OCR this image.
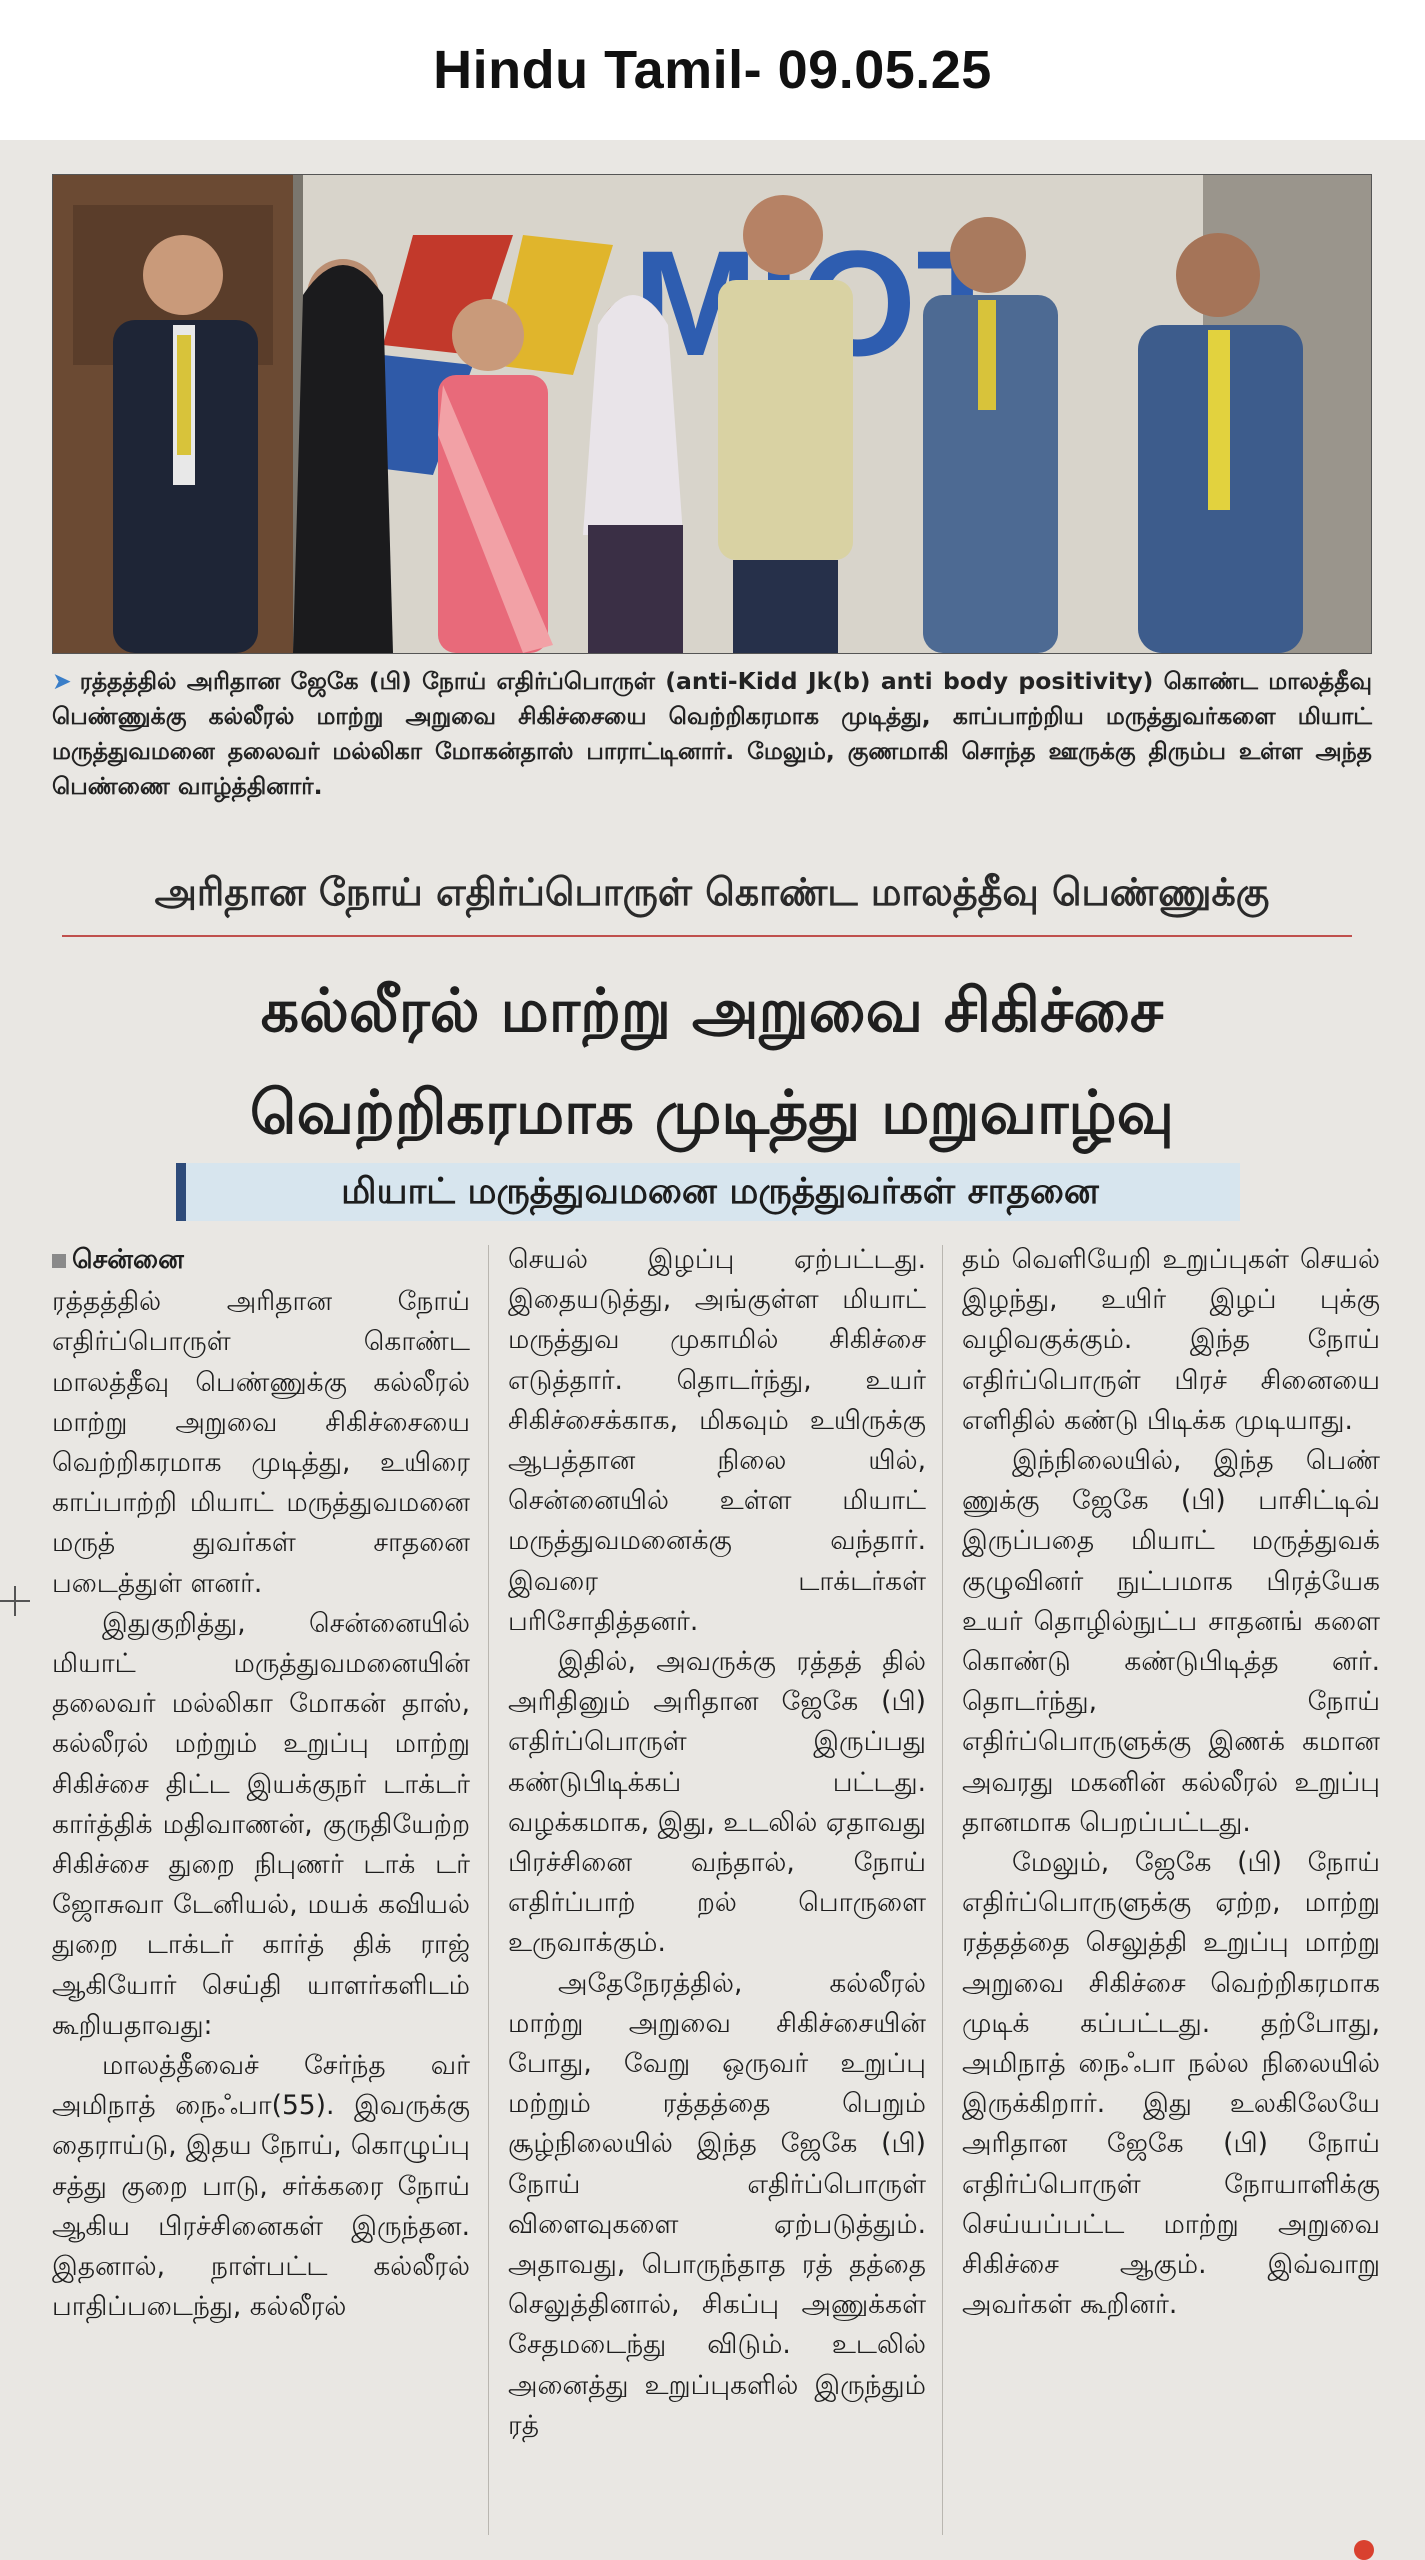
Hindu Tamil- 09.05.25
➤ ரத்தத்தில் அரிதான ஜேகே (பி) நோய் எதிர்ப்பொருள் (anti-Kidd Jk(b) anti body positivity) கொண்ட மாலத்தீவு பெண்ணுக்கு கல்லீரல் மாற்று அறுவை சிகிச்சையை வெற்றிகரமாக முடித்து, காப்பாற்றிய மருத்துவர்களை மியாட் மருத்துவமனை தலைவர் மல்லிகா மோகன்தாஸ் பாராட்டினார். மேலும், குணமாகி சொந்த ஊருக்கு திரும்ப உள்ள அந்த பெண்ணை வாழ்த்தினார்.
அரிதான நோய் எதிர்ப்பொருள் கொண்ட மாலத்தீவு பெண்ணுக்கு
கல்லீரல் மாற்று அறுவை சிகிச்சை
வெற்றிகரமாக முடித்து மறுவாழ்வு
மியாட் மருத்துவமனை மருத்துவர்கள் சாதனை
சென்னை

ரத்தத்தில் அரிதான நோய் எதிர்ப்பொருள் கொண்ட மாலத்தீவு பெண்ணுக்கு கல்லீரல் மாற்று அறுவை சிகிச்சையை வெற்றிகரமாக முடித்து, உயிரை காப்பாற்றி மியாட் மருத்துவமனை மருத் துவர்கள் சாதனை படைத்துள் ளனர்.

இதுகுறித்து, சென்னையில் மியாட் மருத்துவமனையின் தலைவர் மல்லிகா மோகன் தாஸ், கல்லீரல் மற்றும் உறுப்பு மாற்று சிகிச்சை திட்ட இயக்குநர் டாக்டர் கார்த்திக் மதிவாணன், குருதியேற்ற சிகிச்சை துறை நிபுணர் டாக் டர் ஜோசுவா டேனியல், மயக் கவியல் துறை டாக்டர் கார்த் திக் ராஜ் ஆகியோர் செய்தி யாளர்களிடம் கூறியதாவது:

மாலத்தீவைச் சேர்ந்த வர் அமிநாத் நைஃபா(55). இவருக்கு தைராய்டு, இதய நோய், கொழுப்பு சத்து குறை பாடு, சர்க்கரை நோய் ஆகிய பிரச்சினைகள் இருந்தன. இதனால், நாள்பட்ட கல்லீரல் பாதிப்படைந்து, கல்லீரல்

செயல் இழப்பு ஏற்பட்டது. இதையடுத்து, அங்குள்ள மியாட் மருத்துவ முகாமில் சிகிச்சை எடுத்தார். தொடர்ந்து, உயர் சிகிச்சைக்காக, மிகவும் உயிருக்கு ஆபத்தான நிலை யில், சென்னையில் உள்ள மியாட் மருத்துவமனைக்கு வந்தார். இவரை டாக்டர்கள் பரிசோதித்தனர்.

இதில், அவருக்கு ரத்தத் தில் அரிதினும் அரிதான ஜேகே (பி) எதிர்ப்பொருள் இருப்பது கண்டுபிடிக்கப் பட்டது. வழக்கமாக, இது, உடலில் ஏதாவது பிரச்சினை வந்தால், நோய் எதிர்ப்பாற் றல் பொருளை உருவாக்கும்.

அதேநேரத்தில், கல்லீரல் மாற்று அறுவை சிகிச்சையின் போது, வேறு ஒருவர் உறுப்பு மற்றும் ரத்தத்தை பெறும் சூழ்நிலையில் இந்த ஜேகே (பி) நோய் எதிர்ப்பொருள் விளைவுகளை ஏற்படுத்தும். அதாவது, பொருந்தாத ரத் தத்தை செலுத்தினால், சிகப்பு அணுக்கள் சேதமடைந்து விடும். உடலில் அனைத்து உறுப்புகளில் இருந்தும் ரத்

தம் வெளியேறி உறுப்புகள் செயல் இழந்து, உயிர் இழப் புக்கு வழிவகுக்கும். இந்த நோய் எதிர்ப்பொருள் பிரச் சினையை எளிதில் கண்டு பிடிக்க முடியாது.

இந்நிலையில், இந்த பெண் ணுக்கு ஜேகே (பி) பாசிட்டிவ் இருப்பதை மியாட் மருத்துவக் குழுவினர் நுட்பமாக பிரத்யேக உயர் தொழில்நுட்ப சாதனங் களை கொண்டு கண்டுபிடித்த னர். தொடர்ந்து, நோய் எதிர்ப்பொருளுக்கு இணக் கமான அவரது மகனின் கல்லீரல் உறுப்பு தானமாக பெறப்பட்டது.

மேலும், ஜேகே (பி) நோய் எதிர்ப்பொருளுக்கு ஏற்ற, மாற்று ரத்தத்தை செலுத்தி உறுப்பு மாற்று அறுவை சிகிச்சை வெற்றிகரமாக முடிக் கப்பட்டது. தற்போது, அமிநாத் நைஃபா நல்ல நிலையில் இருக்கிறார். இது உலகிலேயே அரிதான ஜேகே (பி) நோய் எதிர்ப்பொருள் நோயாளிக்கு செய்யப்பட்ட மாற்று அறுவை சிகிச்சை ஆகும். இவ்வாறு அவர்கள் கூறினர்.
